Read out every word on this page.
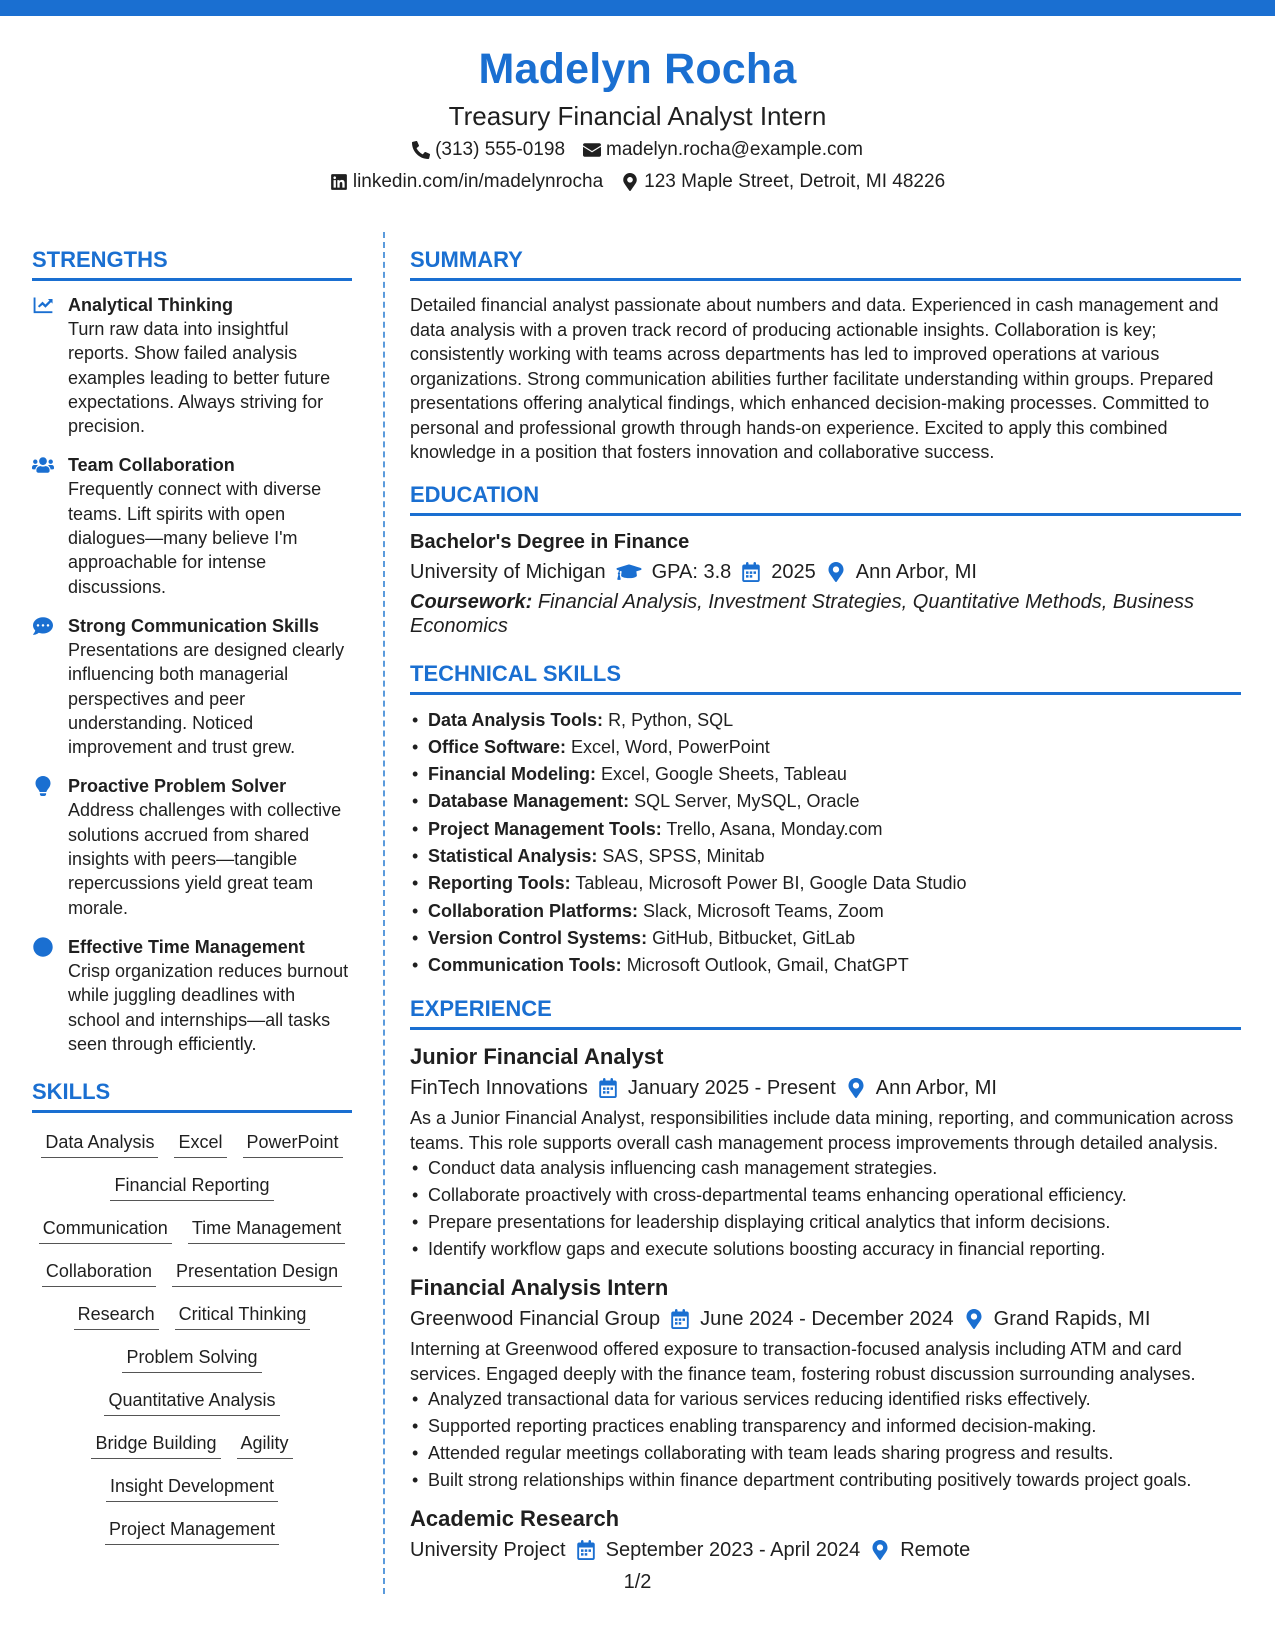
Madelyn Rocha
Treasury Financial Analyst Intern
(313) 555-0198 madelyn.rocha@example.com
linkedin.com/in/madelynrocha 123 Maple Street, Detroit, MI 48226
STRENGTHS
Analytical Thinking
Turn raw data into insightful reports. Show failed analysis examples leading to better future expectations. Always striving for precision.
Team Collaboration
Frequently connect with diverse teams. Lift spirits with open dialogues—many believe I'm approachable for intense discussions.
Strong Communication Skills
Presentations are designed clearly influencing both managerial perspectives and peer understanding. Noticed improvement and trust grew.
Proactive Problem Solver
Address challenges with collective solutions accrued from shared insights with peers—tangible repercussions yield great team morale.
Effective Time Management
Crisp organization reduces burnout while juggling deadlines with school and internships—all tasks seen through efficiently.
SKILLS
Data Analysis Excel PowerPoint
Financial Reporting
Communication Time Management
Collaboration Presentation Design
Research Critical Thinking
Problem Solving
Quantitative Analysis
Bridge Building Agility
Insight Development
Project Management
SUMMARY
Detailed financial analyst passionate about numbers and data. Experienced in cash management and data analysis with a proven track record of producing actionable insights. Collaboration is key; consistently working with teams across departments has led to improved operations at various organizations. Strong communication abilities further facilitate understanding within groups. Prepared presentations offering analytical findings, which enhanced decision-making processes. Committed to personal and professional growth through hands-on experience. Excited to apply this combined knowledge in a position that fosters innovation and collaborative success.
EDUCATION
Bachelor's Degree in Finance
University of Michigan GPA: 3.8 2025 Ann Arbor, MI
Coursework: Financial Analysis, Investment Strategies, Quantitative Methods, Business Economics
TECHNICAL SKILLS
• Data Analysis Tools: R, Python, SQL
• Office Software: Excel, Word, PowerPoint
• Financial Modeling: Excel, Google Sheets, Tableau
• Database Management: SQL Server, MySQL, Oracle
• Project Management Tools: Trello, Asana, Monday.com
• Statistical Analysis: SAS, SPSS, Minitab
• Reporting Tools: Tableau, Microsoft Power BI, Google Data Studio
• Collaboration Platforms: Slack, Microsoft Teams, Zoom
• Version Control Systems: GitHub, Bitbucket, GitLab
• Communication Tools: Microsoft Outlook, Gmail, ChatGPT
EXPERIENCE
Junior Financial Analyst
FinTech Innovations January 2025 - Present Ann Arbor, MI
As a Junior Financial Analyst, responsibilities include data mining, reporting, and communication across teams. This role supports overall cash management process improvements through detailed analysis.
• Conduct data analysis influencing cash management strategies.
• Collaborate proactively with cross-departmental teams enhancing operational efficiency.
• Prepare presentations for leadership displaying critical analytics that inform decisions.
• Identify workflow gaps and execute solutions boosting accuracy in financial reporting.
Financial Analysis Intern
Greenwood Financial Group June 2024 - December 2024 Grand Rapids, MI
Interning at Greenwood offered exposure to transaction-focused analysis including ATM and card services. Engaged deeply with the finance team, fostering robust discussion surrounding analyses.
• Analyzed transactional data for various services reducing identified risks effectively.
• Supported reporting practices enabling transparency and informed decision-making.
• Attended regular meetings collaborating with team leads sharing progress and results.
• Built strong relationships within finance department contributing positively towards project goals.
Academic Research
University Project September 2023 - April 2024 Remote
1/2
